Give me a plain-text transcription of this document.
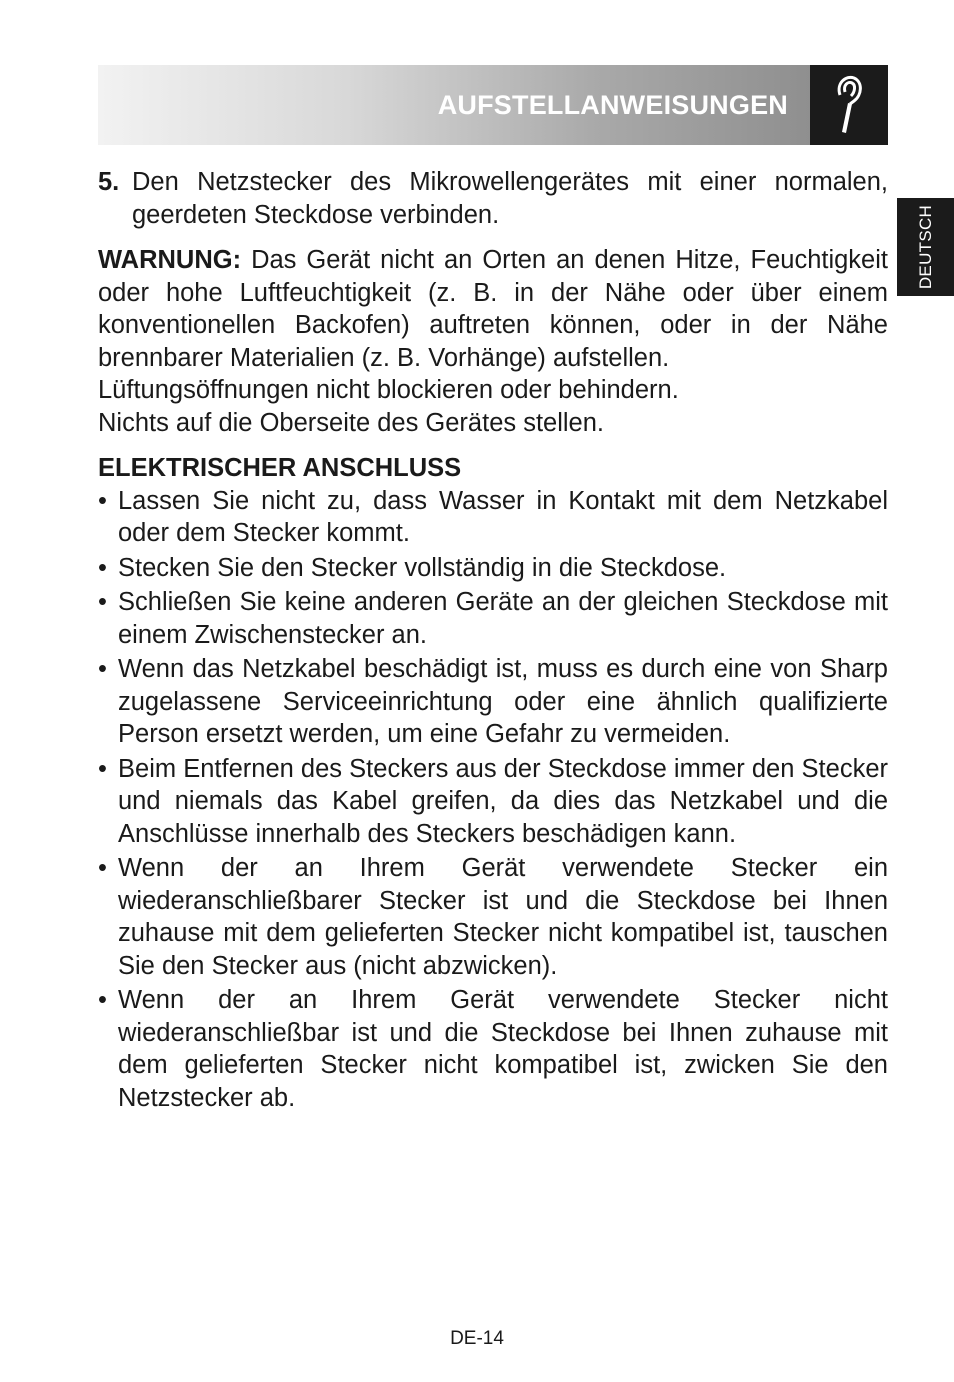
AUFSTELLANWEISUNGEN
DEUTSCH
5. Den Netzstecker des Mikrowellengerätes mit einer normalen, geerdeten Steckdose verbinden.
WARNUNG: Das Gerät nicht an Orten an denen Hitze, Feuchtigkeit oder hohe Luftfeuchtigkeit (z. B. in der Nähe oder über einem konventionellen Backofen) auftreten können, oder in der Nähe brennbarer Materialien (z. B. Vorhänge) aufstellen.
Lüftungsöffnungen nicht blockieren oder behindern.
Nichts auf die Oberseite des Gerätes stellen.
ELEKTRISCHER ANSCHLUSS
• Lassen Sie nicht zu, dass Wasser in Kontakt mit dem Netzkabel oder dem Stecker kommt.
• Stecken Sie den Stecker vollständig in die Steckdose.
• Schließen Sie keine anderen Geräte an der gleichen Steckdose mit einem Zwischenstecker an.
• Wenn das Netzkabel beschädigt ist, muss es durch eine von Sharp zugelassene Serviceeinrichtung oder eine ähnlich qualifizierte Person ersetzt werden, um eine Gefahr zu vermeiden.
• Beim Entfernen des Steckers aus der Steckdose immer den Stecker und niemals das Kabel greifen, da dies das Netzkabel und die Anschlüsse innerhalb des Steckers beschädigen kann.
• Wenn der an Ihrem Gerät verwendete Stecker ein wiederanschließbarer Stecker ist und die Steckdose bei Ihnen zuhause mit dem gelieferten Stecker nicht kompatibel ist, tauschen Sie den Stecker aus (nicht abzwicken).
• Wenn der an Ihrem Gerät verwendete Stecker nicht wiederanschließbar ist und die Steckdose bei Ihnen zuhause mit dem gelieferten Stecker nicht kompatibel ist, zwicken Sie den Netzstecker ab.
DE-14
